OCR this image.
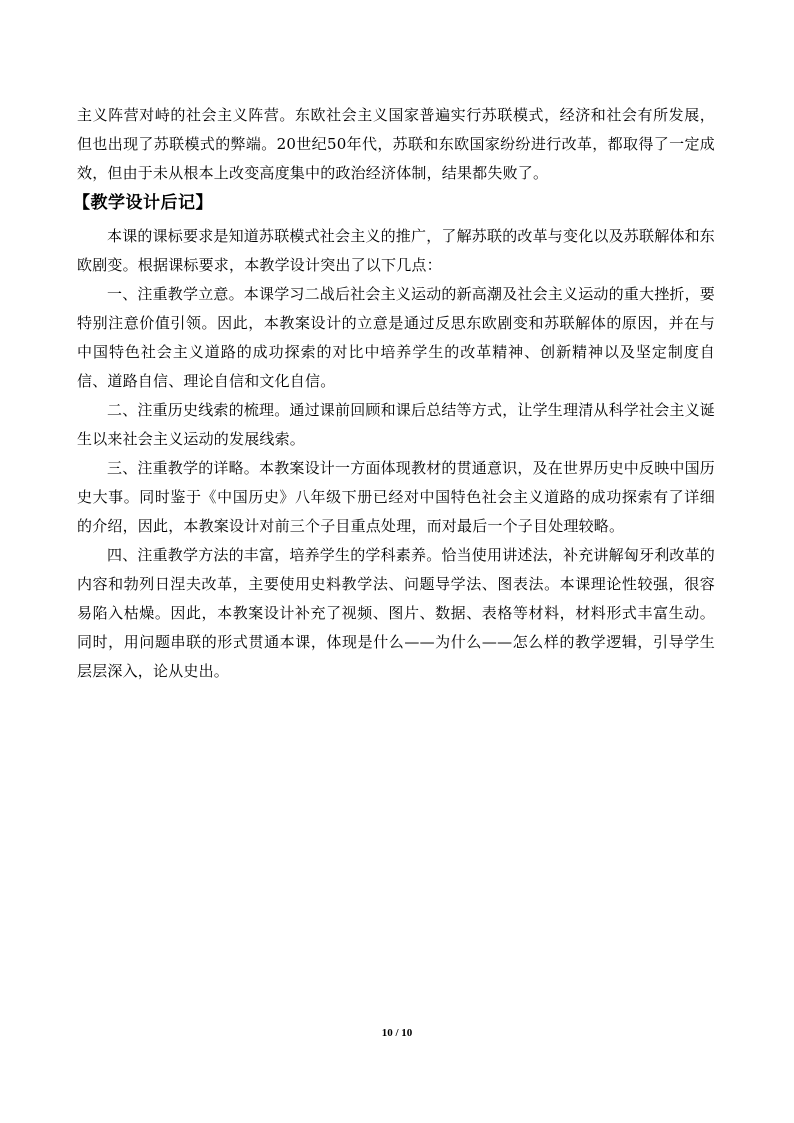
主义阵营对峙的社会主义阵营。东欧社会主义国家普遍实行苏联模式，经济和社会有所发展，但也出现了苏联模式的弊端。20世纪50年代，苏联和东欧国家纷纷进行改革，都取得了一定成效，但由于未从根本上改变高度集中的政治经济体制，结果都失败了。

【教学设计后记】

本课的课标要求是知道苏联模式社会主义的推广，了解苏联的改革与变化以及苏联解体和东欧剧变。根据课标要求，本教学设计突出了以下几点：

一、注重教学立意。本课学习二战后社会主义运动的新高潮及社会主义运动的重大挫折，要特别注意价值引领。因此，本教案设计的立意是通过反思东欧剧变和苏联解体的原因，并在与中国特色社会主义道路的成功探索的对比中培养学生的改革精神、创新精神以及坚定制度自信、道路自信、理论自信和文化自信。

二、注重历史线索的梳理。通过课前回顾和课后总结等方式，让学生理清从科学社会主义诞生以来社会主义运动的发展线索。

三、注重教学的详略。本教案设计一方面体现教材的贯通意识，及在世界历史中反映中国历史大事。同时鉴于《中国历史》八年级下册已经对中国特色社会主义道路的成功探索有了详细的介绍，因此，本教案设计对前三个子目重点处理，而对最后一个子目处理较略。

四、注重教学方法的丰富，培养学生的学科素养。恰当使用讲述法，补充讲解匈牙利改革的内容和勃列日涅夫改革，主要使用史料教学法、问题导学法、图表法。本课理论性较强，很容易陷入枯燥。因此，本教案设计补充了视频、图片、数据、表格等材料，材料形式丰富生动。同时，用问题串联的形式贯通本课，体现是什么——为什么——怎么样的教学逻辑，引导学生层层深入，论从史出。

10 / 10
